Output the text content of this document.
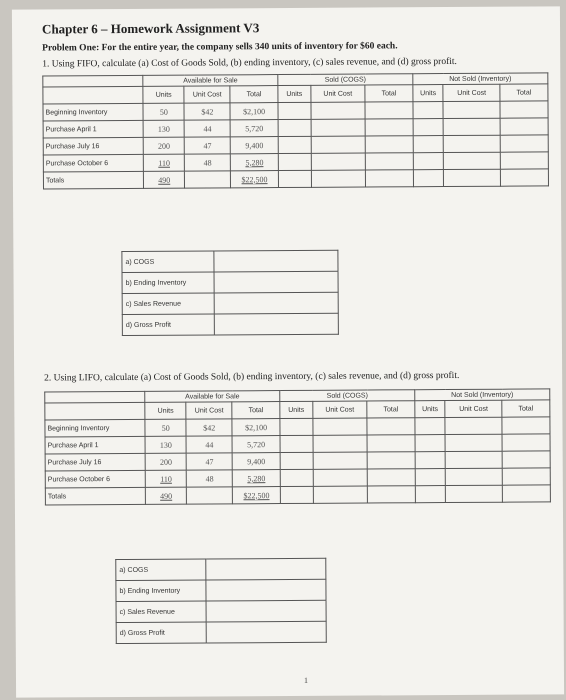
Chapter 6 – Homework Assignment V3
Problem One: For the entire year, the company sells 340 units of inventory for $60 each.
1. Using FIFO, calculate (a) Cost of Goods Sold, (b) ending inventory, (c) sales revenue, and (d) gross profit.
	Available for Sale			Sold (COGS)			Not Sold (Inventory)		
	Units	Unit Cost	Total	Units	Unit Cost	Total	Units	Unit Cost	Total
Beginning Inventory	50	$42	$2,100						
Purchase April 1	130	44	5,720						
Purchase July 16	200	47	9,400						
Purchase October 6	110	48	5,280						
Totals	490		$22,500						
a) COGS	
b) Ending Inventory	
c) Sales Revenue	
d) Gross Profit	
2. Using LIFO, calculate (a) Cost of Goods Sold, (b) ending inventory, (c) sales revenue, and (d) gross profit.
	Available for Sale			Sold (COGS)			Not Sold (Inventory)		
	Units	Unit Cost	Total	Units	Unit Cost	Total	Units	Unit Cost	Total
Beginning Inventory	50	$42	$2,100						
Purchase April 1	130	44	5,720						
Purchase July 16	200	47	9,400						
Purchase October 6	110	48	5,280						
Totals	490		$22,500						
a) COGS	
b) Ending Inventory	
c) Sales Revenue	
d) Gross Profit	
1
